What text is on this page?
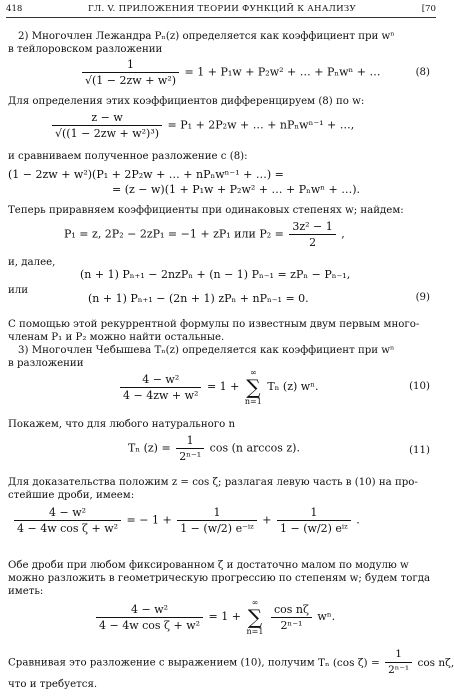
418	ГЛ. V. ПРИЛОЖЕНИЯ ТЕОРИИ ФУНКЦИЙ К АНАЛИЗУ	[70
2) Многочлен Лежандра Pₙ(z) определяется как коэффициент при wⁿ
в тейлоровском разложении
$\frac{1}{\text{√(1 − 2zw + w²)}} = 1 + P_1w + P_2w^2$ + … + Pₙwⁿ + …	(8)
Для определения этих коэффициентов дифференцируем (8) по w:
$\frac{z - w}{\text{√((1 − 2zw + w²)³)}} = P_1 + 2P_2w$ + … + nPₙwⁿ⁻¹ + …,
и сравниваем полученное разложение с (8):
(1 − 2zw + w²)(P₁ + 2P₂w + … + nPₙwⁿ⁻¹ + …) =
= (z − w)(1 + P₁w + P₂w² + … + Pₙwⁿ + …).
Теперь приравняем коэффициенты при одинаковых степенях w; найдем:
P₁ = z, 2P₂ − 2zP₁ = −1 + zP₁ или $P_2 = \frac{\text{3z² − 1}}{2}$ ,
и, далее,
(n + 1) Pₙ₊₁ − 2nzPₙ + (n − 1) Pₙ₋₁ = zPₙ − Pₙ₋₁,
или
(n + 1) Pₙ₊₁ − (2n + 1) zPₙ + nPₙ₋₁ = 0.	(9)
С помощью этой рекуррентной формулы по известным двум первым много-
членам P₁ и P₂ можно найти остальные.
3) Многочлен Чебышева Tₙ(z) определяется как коэффициент при wⁿ
в разложении
$\frac{\text{4 − w²}}{\text{4 − 4zw + w²}} = 1$ + ∞
∑
n=1 Tₙ (z) wⁿ.	(10)
Покажем, что для любого натурального n
Tₙ $(z) = \frac{1}{\text{2ⁿ⁻¹}}$ cos (n arccos z).	(11)
Для доказательства положим z = cos ζ; разлагая левую часть в (10) на про-
стейшие дроби, имеем:
$\frac{\text{4 − w²}}{\text{4 − 4w cos ζ + w²}}$ = − $1 + \frac{1}{\text{1 − (w/2) e⁻ⁱᶻ}} + \frac{1}{\text{1 − (w/2) eⁱᶻ}}$ .
Обе дроби при любом фиксированном ζ и достаточно малом по модулю w
можно разложить в геометрическую прогрессию по степеням w; будем тогда
иметь:
$\frac{\text{4 − w²}}{\text{4 − 4w cos ζ + w²}} = 1$ + ∞
∑
$n=1 \frac{\text{cos nζ}}{\text{2ⁿ⁻¹}} w^n$.
Сравнивая это разложение с выражением (10), получим Tₙ (cos $\zeta) = \frac{1}{\text{2ⁿ⁻¹}}$ cos nζ,
что и требуется.
